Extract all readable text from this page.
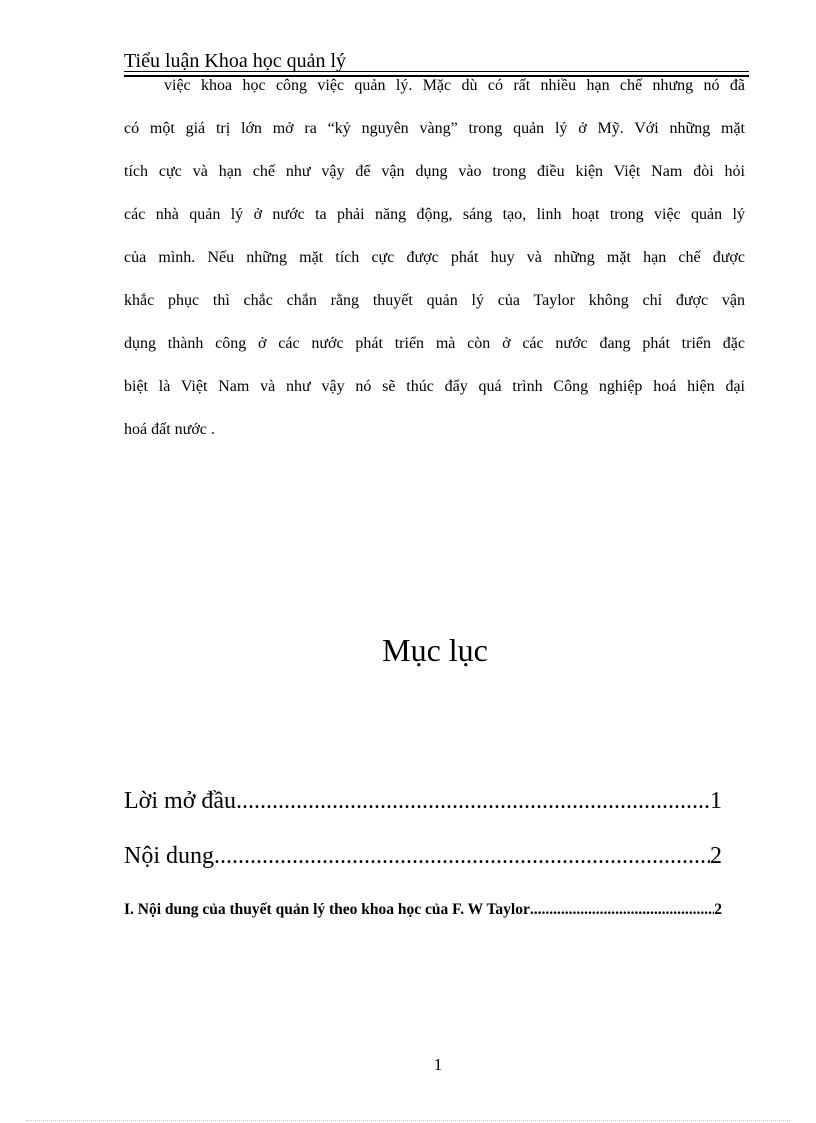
Tiểu luận Khoa học quản lý
việc khoa học công việc quản lý. Mặc dù có rất nhiều hạn chế nhưng nó đã
có một giá trị lớn mở ra “kỷ nguyên vàng” trong quản lý ở Mỹ. Với những mặt
tích cực và hạn chế như vậy để vận dụng vào trong điều kiện Việt Nam đòi hỏi
các nhà quản lý ở nước ta phải năng động, sáng tạo, linh hoạt trong việc quản lý
của mình. Nếu những mặt tích cực được phát huy và những mặt hạn chế được
khắc phục thì chắc chắn rằng thuyết quản lý của Taylor không chỉ được vận
dụng thành công ở các nước phát triển mà còn ở các nước đang phát triển đặc
biệt là Việt Nam và như vậy nó sẽ thúc đẩy quá trình Công nghiệp hoá hiện đại
hoá đất nước .
Mục lục
Lời mở đầu .....	1
Nội dung .....	2
I. Nội dung của thuyết quản lý theo khoa học của F. W Taylor .....	2
1
